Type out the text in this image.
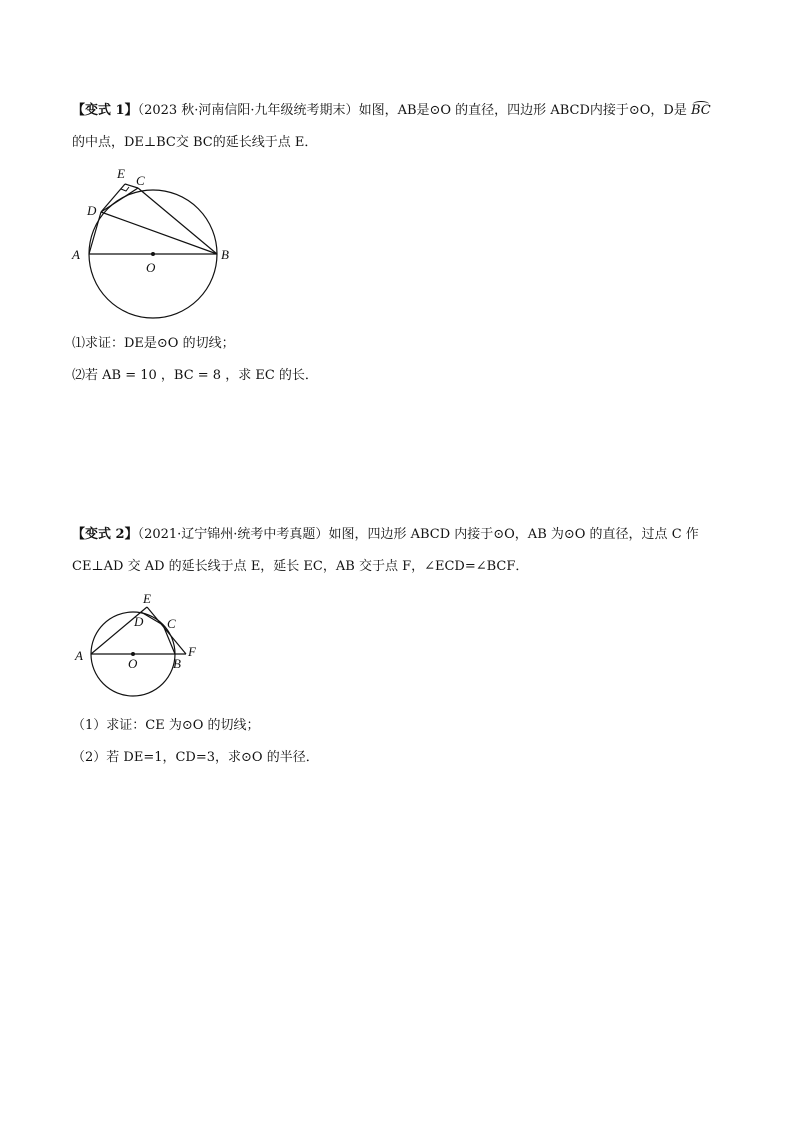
【变式 1】（2023 秋·河南信阳·九年级统考期末）如图，AB是⊙O 的直径，四边形 ABCD内接于⊙O，D是 BC
的中点，DE⊥BC交 BC的延长线于点 E．
E C
D
A
O
B
⑴求证：DE是⊙O 的切线；
⑵若 AB = 10 ，BC = 8 ，求 EC 的长．
【变式 2】（2021·辽宁锦州·统考中考真题）如图，四边形 ABCD 内接于⊙O，AB 为⊙O 的直径，过点 C 作
CE⊥AD 交 AD 的延长线于点 E，延长 EC，AB 交于点 F，∠ECD=∠BCF．
E
D C
A
O	B
F
（1）求证：CE 为⊙O 的切线；
（2）若 DE=1，CD=3，求⊙O 的半径．
